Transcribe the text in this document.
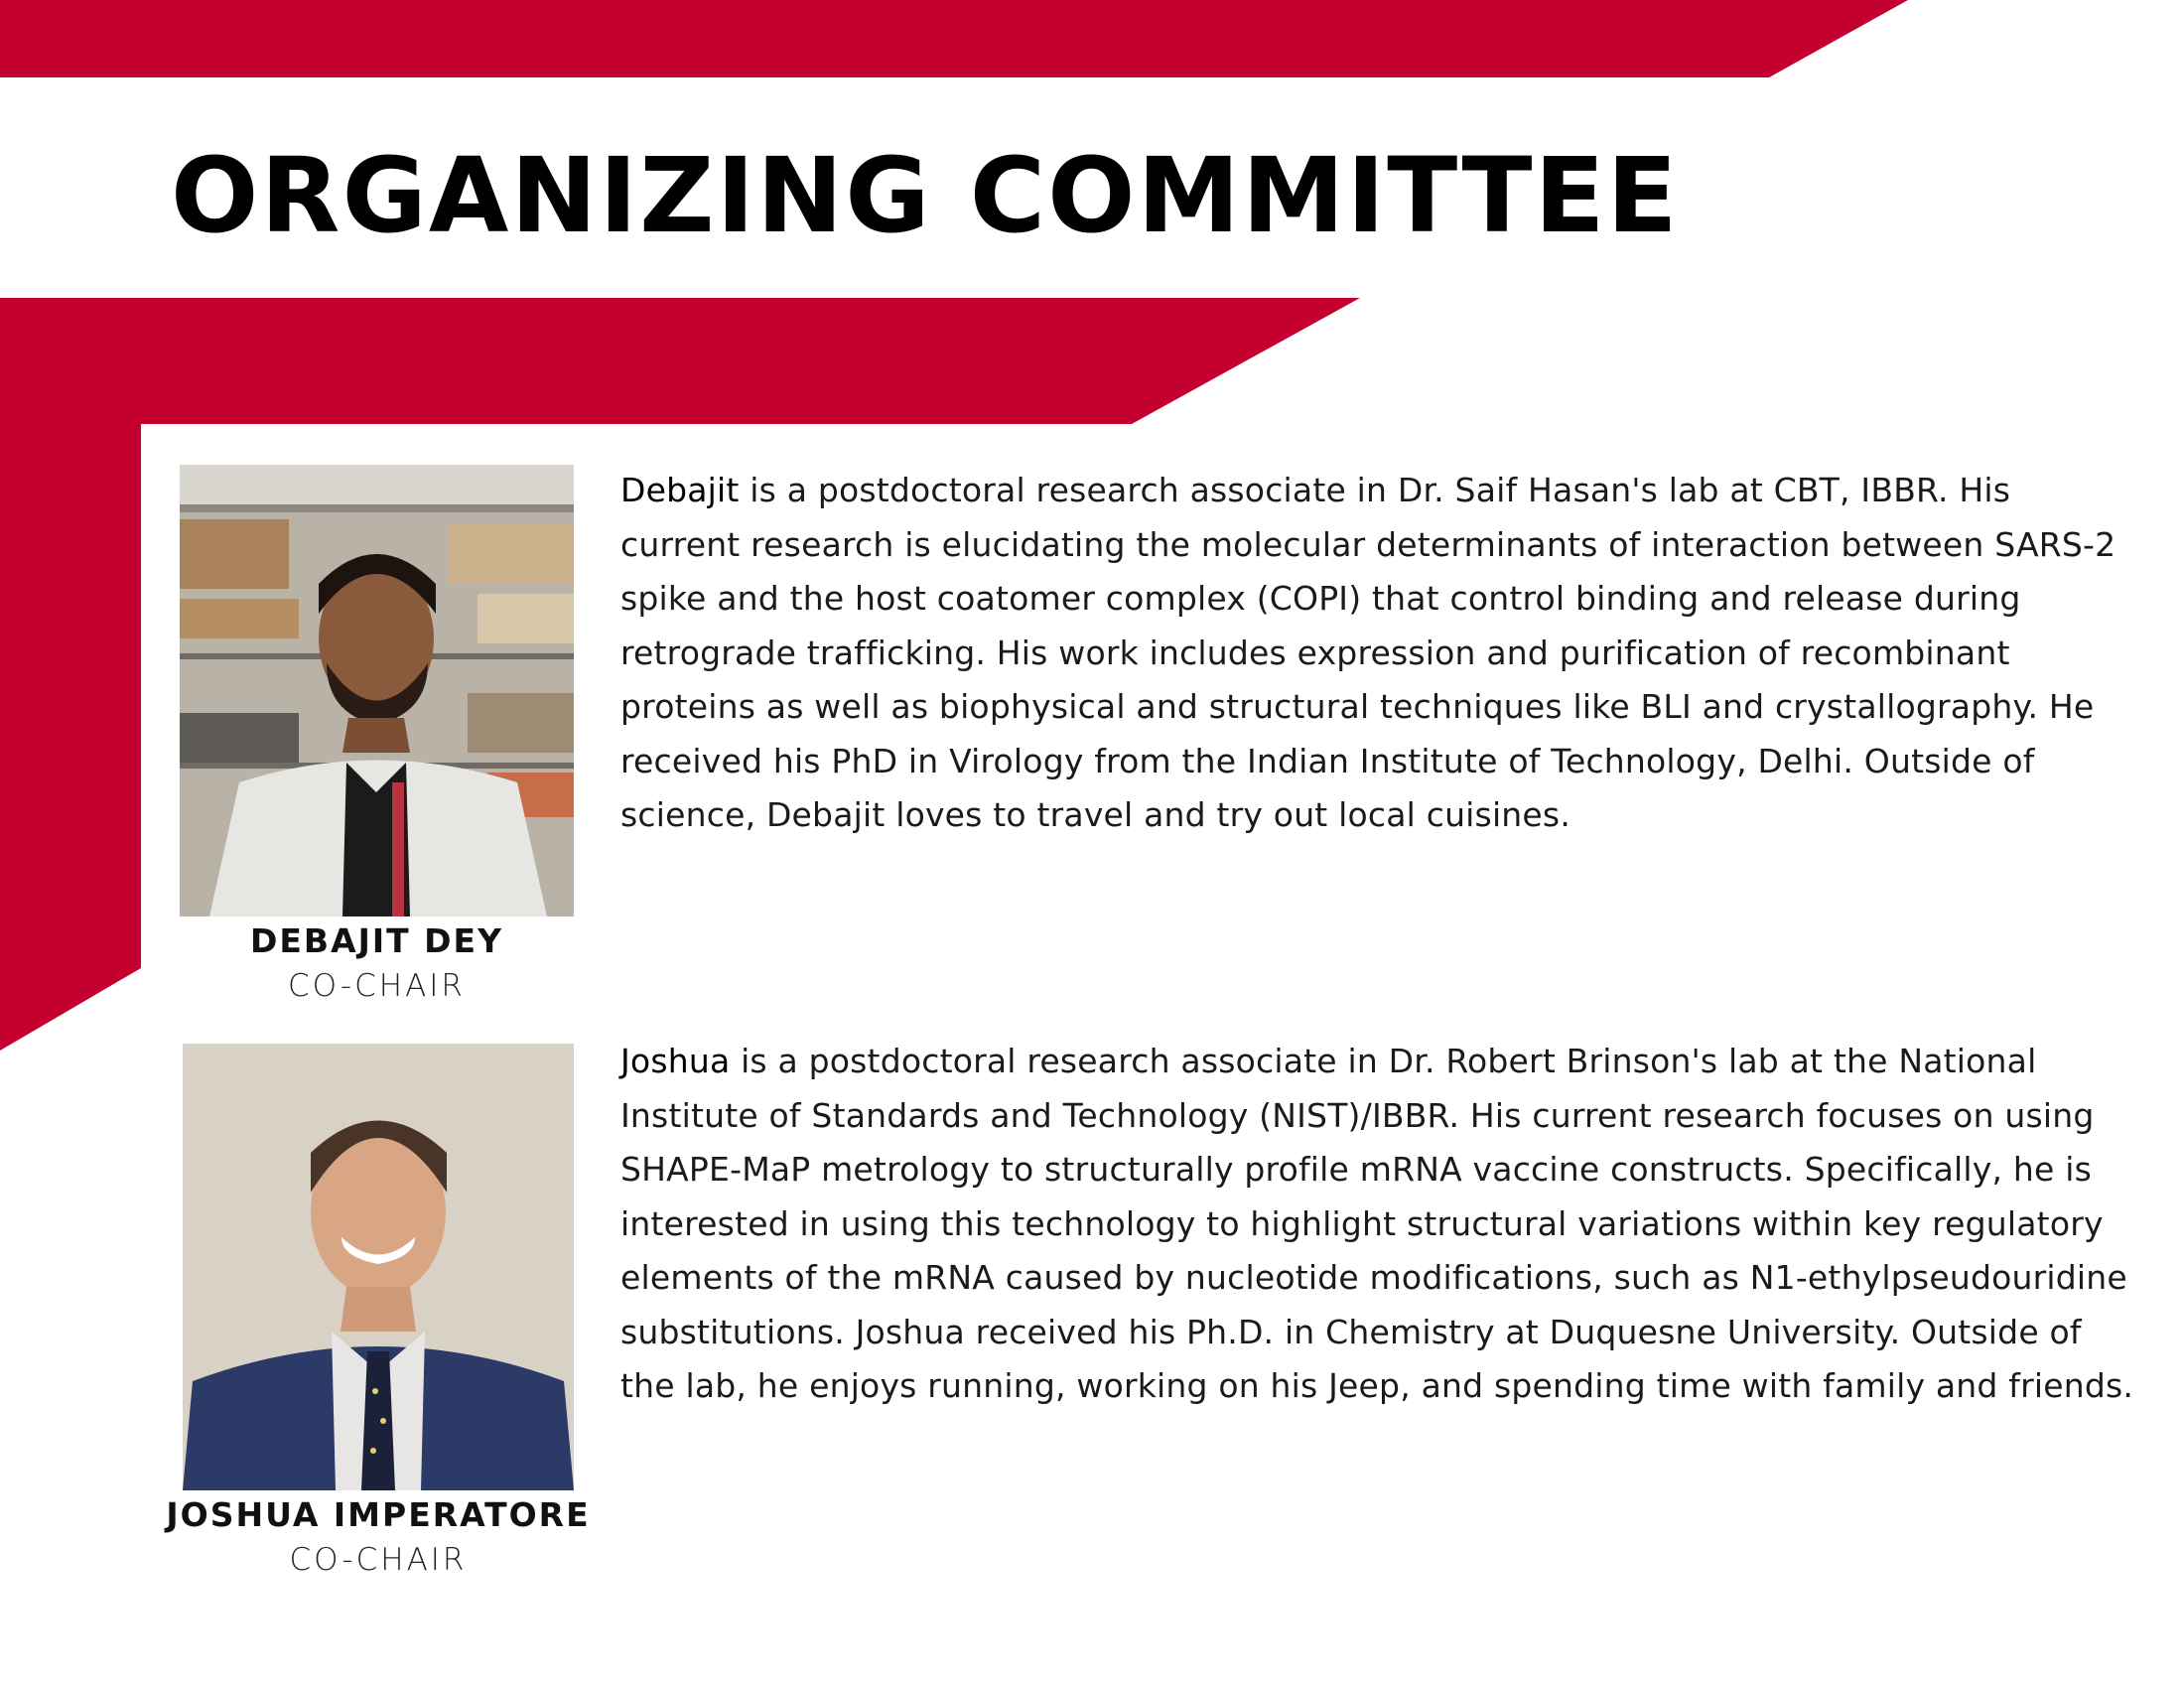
ORGANIZING COMMITTEE
DEBAJIT DEY
CO-CHAIR

Debajit is a postdoctoral research associate in Dr. Saif Hasan's lab at CBT, IBBR. His current research is elucidating the molecular determinants of interaction between SARS-2 spike and the host coatomer complex (COPI) that control binding and release during retrograde trafficking. His work includes expression and purification of recombinant proteins as well as biophysical and structural techniques like BLI and crystallography. He received his PhD in Virology from the Indian Institute of Technology, Delhi. Outside of science, Debajit loves to travel and try out local cuisines.

JOSHUA IMPERATORE
CO-CHAIR

Joshua is a postdoctoral research associate in Dr. Robert Brinson's lab at the National Institute of Standards and Technology (NIST)/IBBR. His current research focuses on using SHAPE-MaP metrology to structurally profile mRNA vaccine constructs. Specifically, he is interested in using this technology to highlight structural variations within key regulatory elements of the mRNA caused by nucleotide modifications, such as N1-ethylpseudouridine substitutions. Joshua received his Ph.D. in Chemistry at Duquesne University. Outside of the lab, he enjoys running, working on his Jeep, and spending time with family and friends.
